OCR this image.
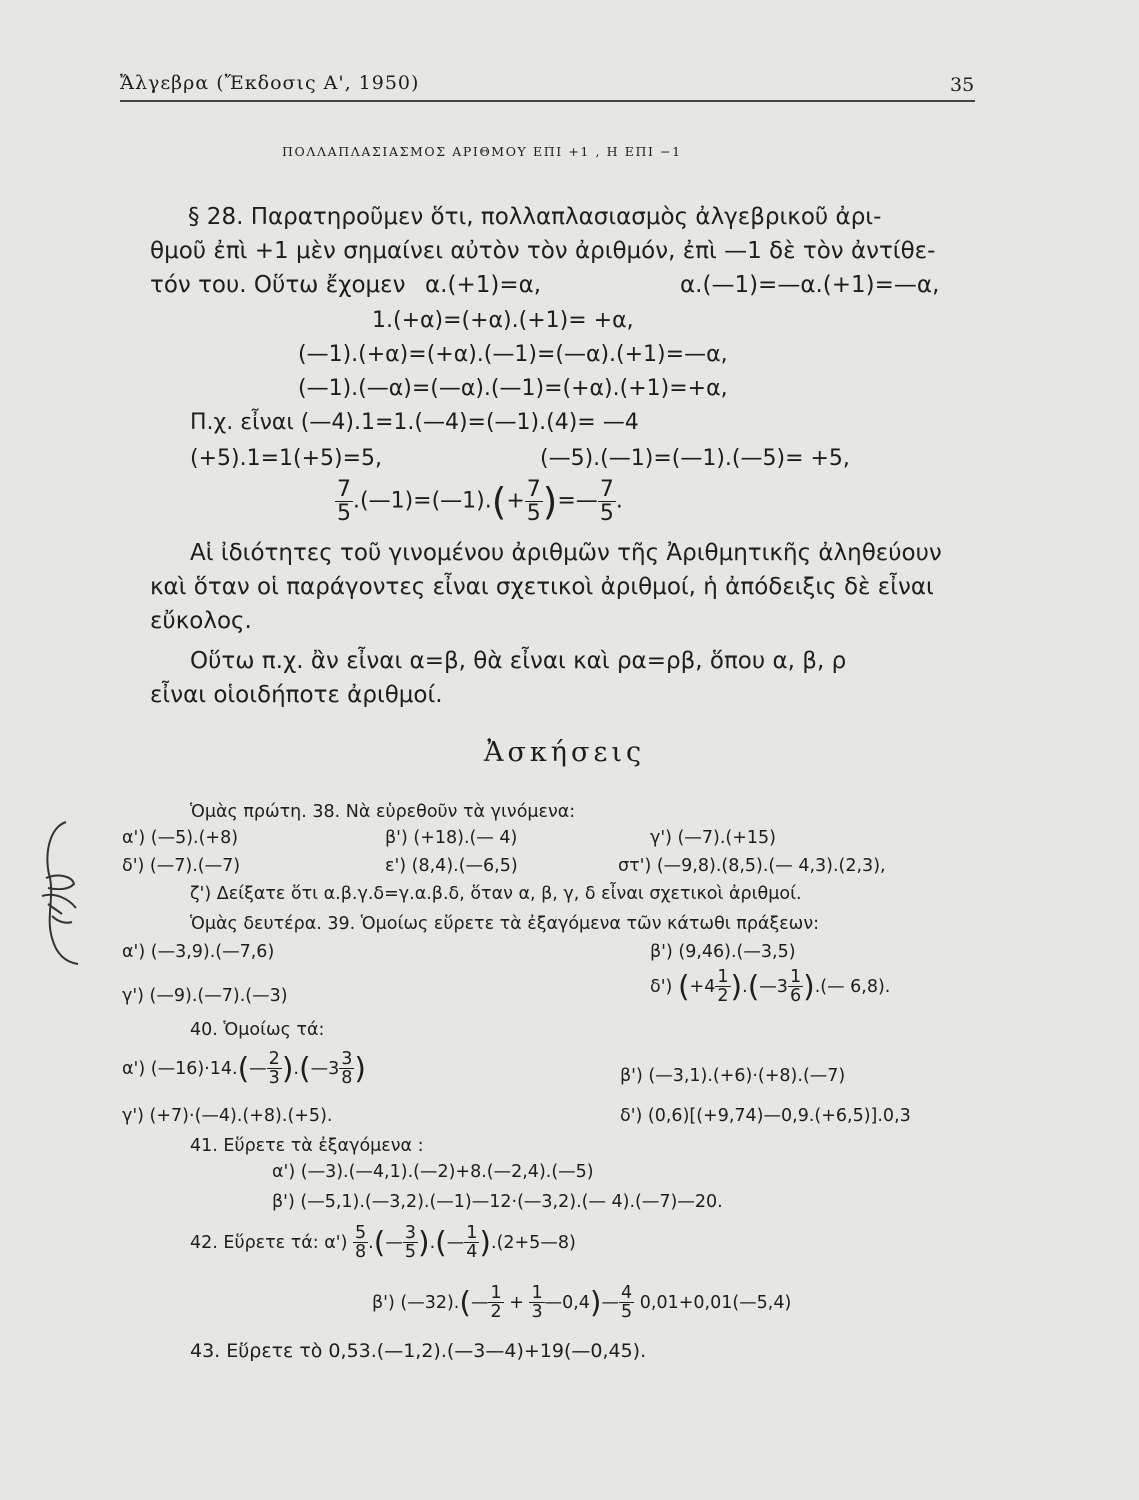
Ἄλγεβρα (Ἔκδοσις Α', 1950)	35
ΠΟΛΛΑΠΛΑΣΙΑΣΜΟΣ ΑΡΙΘΜΟΥ ΕΠΙ +1 , Η ΕΠΙ −1
§ 28. Παρατηροῦμεν ὅτι, πολλαπλασιασμὸς ἀλγεβρικοῦ ἀρι-
θμοῦ ἐπὶ +1 μὲν σημαίνει αὐτὸν τὸν ἀριθμόν, ἐπὶ —1 δὲ τὸν ἀντίθε-
τόν του. Οὕτω ἔχομεν α.(+1)=α,	α.(—1)=—α.(+1)=—α,
1.(+α)=(+α).(+1)= +α,
(—1).(+α)=(+α).(—1)=(—α).(+1)=—α,
(—1).(—α)=(—α).(—1)=(+α).(+1)=+α,
Π.χ. εἶναι (—4).1=1.(—4)=(—1).(4)= —4
(+5).1=1(+5)=5,	(—5).(—1)=(—1).(—5)= +5,
$\frac{7}{5}$ .(—1)=(—1).(+ $\frac{7}{5}$ )=— $\frac{7}{5}$ .
Αἱ ἰδιότητες τοῦ γινομένου ἀριθμῶν τῆς Ἀριθμητικῆς ἀληθεύουν
καὶ ὅταν οἱ παράγοντες εἶναι σχετικοὶ ἀριθμοί, ἡ ἀπόδειξις δὲ εἶναι
εὔκολος.
Οὕτω π.χ. ἂν εἶναι α=β, θὰ εἶναι καὶ ρα=ρβ, ὅπου α, β, ρ
εἶναι οἱοιδήποτε ἀριθμοί.
Ἀσκήσεις
Ὁμὰς πρώτη. 38. Νὰ εὑρεθοῦν τὰ γινόμενα:
α') (—5).(+8)	β') (+18).(— 4)	γ') (—7).(+15)
δ') (—7).(—7)	ε') (8,4).(—6,5)	στ') (—9,8).(8,5).(— 4,3).(2,3),
ζ') Δείξατε ὅτι α.β.γ.δ=γ.α.β.δ, ὅταν α, β, γ, δ εἶναι σχετικοὶ ἀριθμοί.
Ὁμὰς δευτέρα. 39. Ὁμοίως εὕρετε τὰ ἐξαγόμενα τῶν κάτωθι πράξεων:
α') (—3,9).(—7,6)	β') (9,46).(—3,5)
γ') (—9).(—7).(—3)	δ') ($+4 \frac{1}{2}$ ).(—3 $\frac{1}{6}$ ).(— 6,8).
40. Ὁμοίως τά:
α') (—16)·14.(— $\frac{2}{3}$ ).(—3 $\frac{3}{8}$ )	β') (—3,1).(+6)·(+8).(—7)
γ') (+7)·(—4).(+8).(+5).	δ') (0,6)[(+9,74)—0,9.(+6,5)].0,3
41. Εὕρετε τὰ ἐξαγόμενα :
α') (—3).(—4,1).(—2)+8.(—2,4).(—5)
β') (—5,1).(—3,2).(—1)—12·(—3,2).(— 4).(—7)—20.
42. Εὕρετε τά: $\alpha') \frac{5}{8}$ .(— $\frac{3}{5}$ ).(— $\frac{1}{4}$ ).(2+5—8)
β') (—32).(— $\frac{1}{2} + \frac{1}{3}$ —0,4)— $\frac{4}{5}$ 0,01+0,01(—5,4)
43. Εὕρετε τὸ 0,53.(—1,2).(—3—4)+19(—0,45).
